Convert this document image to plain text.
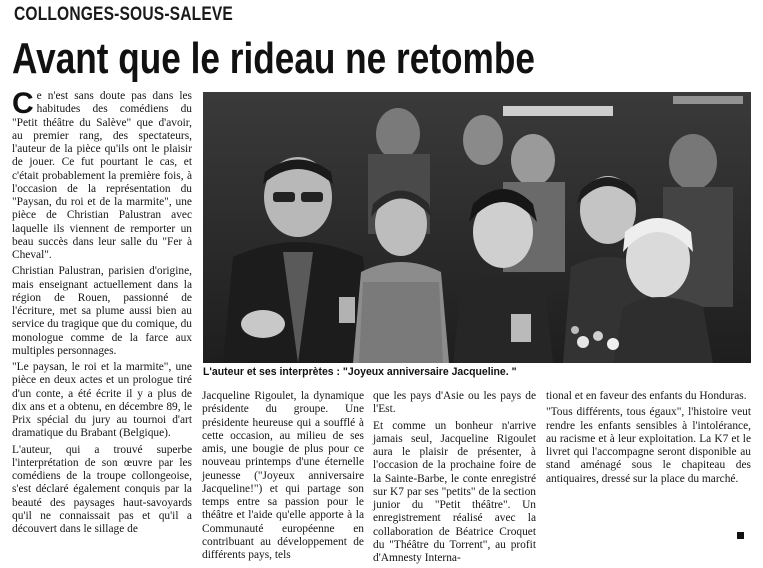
COLLONGES-SOUS-SALEVE
Avant que le rideau ne retombe

Ce n'est sans doute pas dans les habitudes des comédiens du "Petit théâtre du Salève" que d'avoir, au premier rang, des spectateurs, l'auteur de la pièce qu'ils ont le plaisir de jouer. Ce fut pourtant le cas, et c'était probablement la première fois, à l'occasion de la représentation du "Paysan, du roi et de la marmite", une pièce de Christian Palustran avec laquelle ils viennent de remporter un beau succès dans leur salle du "Fer à Cheval".

Christian Palustran, parisien d'origine, mais enseignant actuellement dans la région de Rouen, passionné de l'écriture, met sa plume aussi bien au service du tragique que du comique, du monologue comme de la farce aux multiples personnages.

"Le paysan, le roi et la marmite", une pièce en deux actes et un prologue tiré d'un conte, a été écrite il y a plus de dix ans et a obtenu, en décembre 89, le Prix spécial du jury au tournoi d'art dramatique du Brabant (Belgique).

L'auteur, qui a trouvé superbe l'interprétation de son œuvre par les comédiens de la troupe collongeoise, s'est déclaré également conquis par la beauté des paysages haut-savoyards qu'il ne connaissait pas et qu'il a découvert dans le sillage de

L'auteur et ses interprètes : "Joyeux anniversaire Jacqueline. "

Jacqueline Rigoulet, la dynamique présidente du groupe. Une présidente heureuse qui a soufflé à cette occasion, au milieu de ses amis, une bougie de plus pour ce nouveau printemps d'une éternelle jeunesse ("Joyeux anniversaire Jacqueline!") et qui partage son temps entre sa passion pour le théâtre et l'aide qu'elle apporte à la Communauté européenne en contribuant au développement de différents pays, tels

que les pays d'Asie ou les pays de l'Est.

Et comme un bonheur n'arrive jamais seul, Jacqueline Rigoulet aura le plaisir de présenter, à l'occasion de la prochaine foire de la Sainte-Barbe, le conte enregistré sur K7 par ses "petits" de la section junior du "Petit théâtre". Un enregistrement réalisé avec la collaboration de Béatrice Croquet du "Théâtre du Torrent", au profit d'Amnesty Interna-

tional et en faveur des enfants du Honduras.

"Tous différents, tous égaux", l'histoire veut rendre les enfants sensibles à l'intolérance, au racisme et à leur exploitation. La K7 et le livret qui l'accompagne seront disponible au stand aménagé sous le chapiteau des antiquaires, dressé sur la place du marché.
